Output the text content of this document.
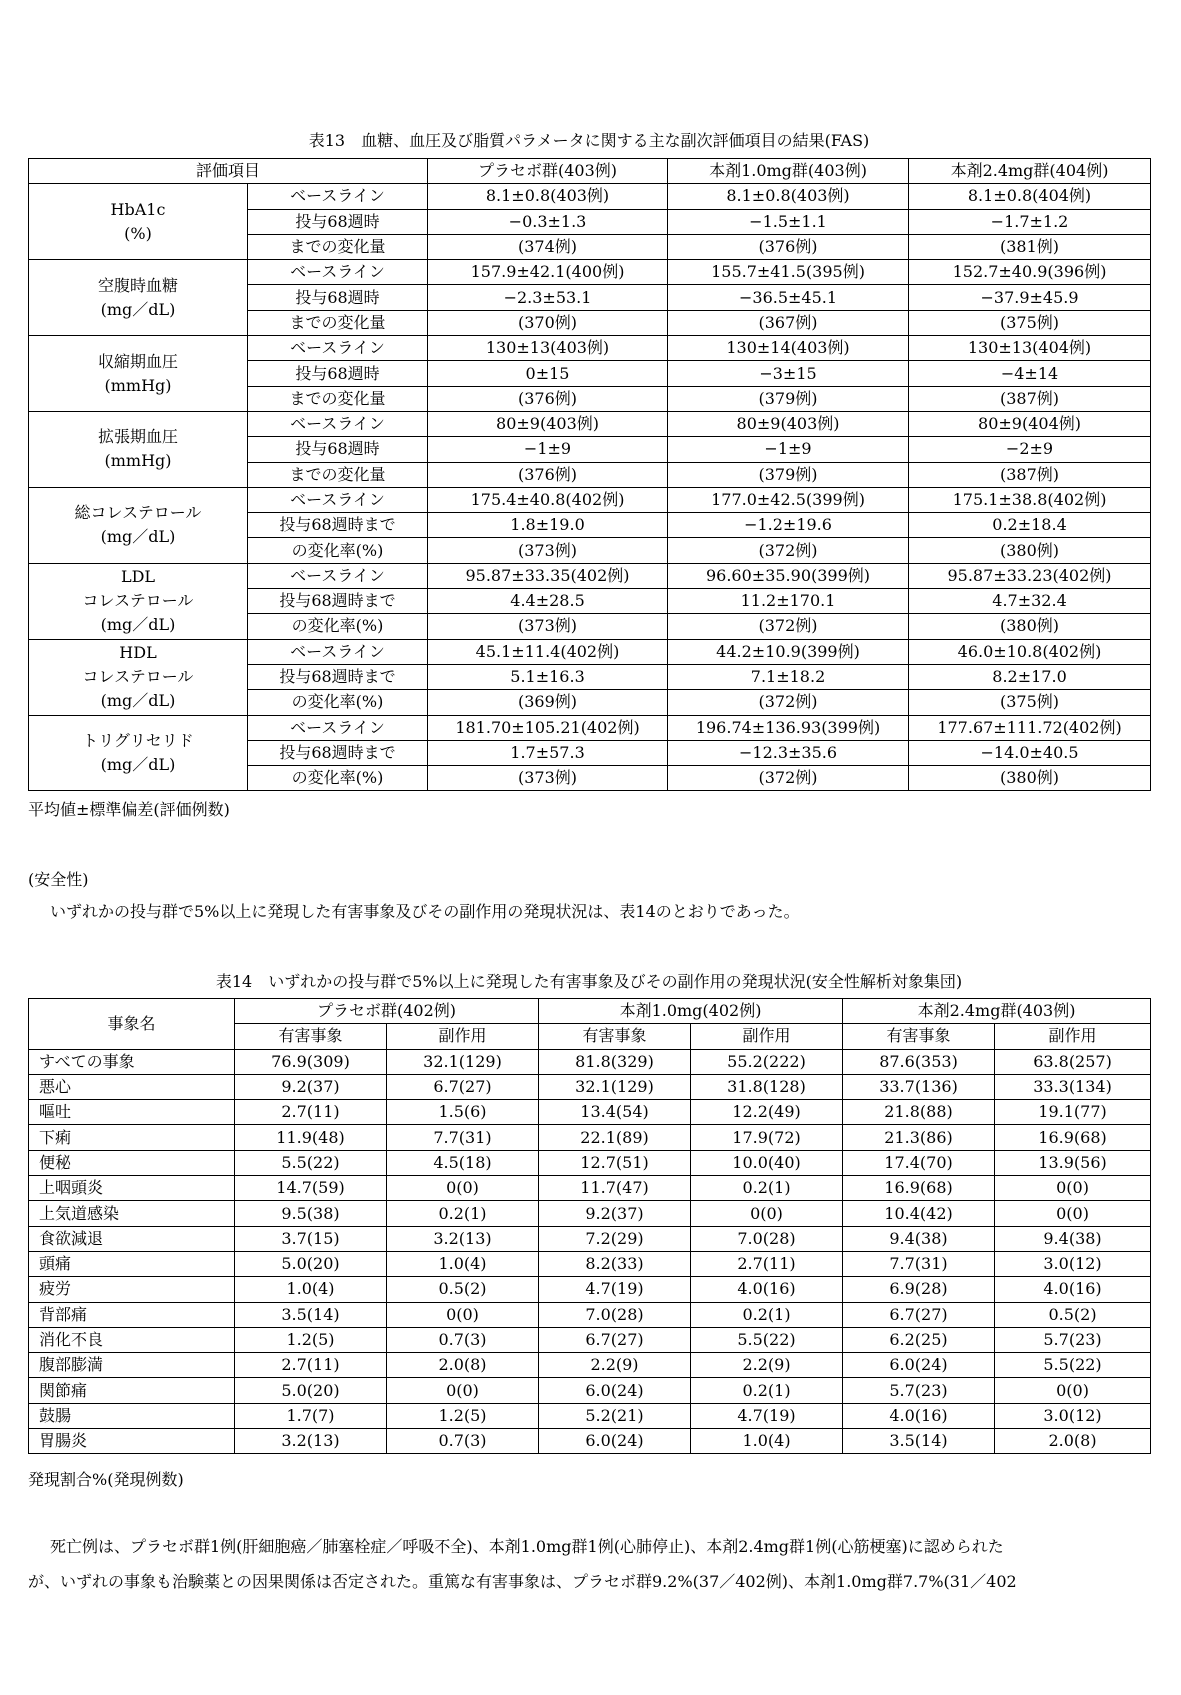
表13　血糖、血圧及び脂質パラメータに関する主な副次評価項目の結果(FAS)
評価項目		プラセボ群(403例)	本剤1.0mg群(403例)	本剤2.4mg群(404例)

HbA1c
(%)	ベースライン	8.1±0.8(403例)	8.1±0.8(403例)	8.1±0.8(404例)
	投与68週時	−0.3±1.3	−1.5±1.1	−1.7±1.2
	までの変化量	(374例)	(376例)	(381例)

空腹時血糖
(mg／dL)	ベースライン	157.9±42.1(400例)	155.7±41.5(395例)	152.7±40.9(396例)
	投与68週時	−2.3±53.1	−36.5±45.1	−37.9±45.9
	までの変化量	(370例)	(367例)	(375例)

収縮期血圧
(mmHg)	ベースライン	130±13(403例)	130±14(403例)	130±13(404例)
	投与68週時	0±15	−3±15	−4±14
	までの変化量	(376例)	(379例)	(387例)

拡張期血圧
(mmHg)	ベースライン	80±9(403例)	80±9(403例)	80±9(404例)
	投与68週時	−1±9	−1±9	−2±9
	までの変化量	(376例)	(379例)	(387例)

総コレステロール
(mg／dL)	ベースライン	175.4±40.8(402例)	177.0±42.5(399例)	175.1±38.8(402例)
	投与68週時まで	1.8±19.0	−1.2±19.6	0.2±18.4
	の変化率(%)	(373例)	(372例)	(380例)

LDL
コレステロール
(mg／dL)	ベースライン	95.87±33.35(402例)	96.60±35.90(399例)	95.87±33.23(402例)
	投与68週時まで	4.4±28.5	11.2±170.1	4.7±32.4
	の変化率(%)	(373例)	(372例)	(380例)

HDL
コレステロール
(mg／dL)	ベースライン	45.1±11.4(402例)	44.2±10.9(399例)	46.0±10.8(402例)
	投与68週時まで	5.1±16.3	7.1±18.2	8.2±17.0
	の変化率(%)	(369例)	(372例)	(375例)

トリグリセリド
(mg／dL)	ベースライン	181.70±105.21(402例)	196.74±136.93(399例)	177.67±111.72(402例)
	投与68週時まで	1.7±57.3	−12.3±35.6	−14.0±40.5
	の変化率(%)	(373例)	(372例)	(380例)
平均値±標準偏差(評価例数)
(安全性)
いずれかの投与群で5%以上に発現した有害事象及びその副作用の発現状況は、表14のとおりであった。
表14　いずれかの投与群で5%以上に発現した有害事象及びその副作用の発現状況(安全性解析対象集団)
事象名	プラセボ群(402例)		本剤1.0mg(402例)		本剤2.4mg群(403例)	
	有害事象	副作用	有害事象	副作用	有害事象	副作用
すべての事象	76.9(309)	32.1(129)	81.8(329)	55.2(222)	87.6(353)	63.8(257)
悪心	9.2(37)	6.7(27)	32.1(129)	31.8(128)	33.7(136)	33.3(134)
嘔吐	2.7(11)	1.5(6)	13.4(54)	12.2(49)	21.8(88)	19.1(77)
下痢	11.9(48)	7.7(31)	22.1(89)	17.9(72)	21.3(86)	16.9(68)
便秘	5.5(22)	4.5(18)	12.7(51)	10.0(40)	17.4(70)	13.9(56)
上咽頭炎	14.7(59)	0(0)	11.7(47)	0.2(1)	16.9(68)	0(0)
上気道感染	9.5(38)	0.2(1)	9.2(37)	0(0)	10.4(42)	0(0)
食欲減退	3.7(15)	3.2(13)	7.2(29)	7.0(28)	9.4(38)	9.4(38)
頭痛	5.0(20)	1.0(4)	8.2(33)	2.7(11)	7.7(31)	3.0(12)
疲労	1.0(4)	0.5(2)	4.7(19)	4.0(16)	6.9(28)	4.0(16)
背部痛	3.5(14)	0(0)	7.0(28)	0.2(1)	6.7(27)	0.5(2)
消化不良	1.2(5)	0.7(3)	6.7(27)	5.5(22)	6.2(25)	5.7(23)
腹部膨満	2.7(11)	2.0(8)	2.2(9)	2.2(9)	6.0(24)	5.5(22)
関節痛	5.0(20)	0(0)	6.0(24)	0.2(1)	5.7(23)	0(0)
鼓腸	1.7(7)	1.2(5)	5.2(21)	4.7(19)	4.0(16)	3.0(12)
胃腸炎	3.2(13)	0.7(3)	6.0(24)	1.0(4)	3.5(14)	2.0(8)
発現割合%(発現例数)
死亡例は、プラセボ群1例(肝細胞癌／肺塞栓症／呼吸不全)、本剤1.0mg群1例(心肺停止)、本剤2.4mg群1例(心筋梗塞)に認められた
が、いずれの事象も治験薬との因果関係は否定された。重篤な有害事象は、プラセボ群9.2%(37／402例)、本剤1.0mg群7.7%(31／402
